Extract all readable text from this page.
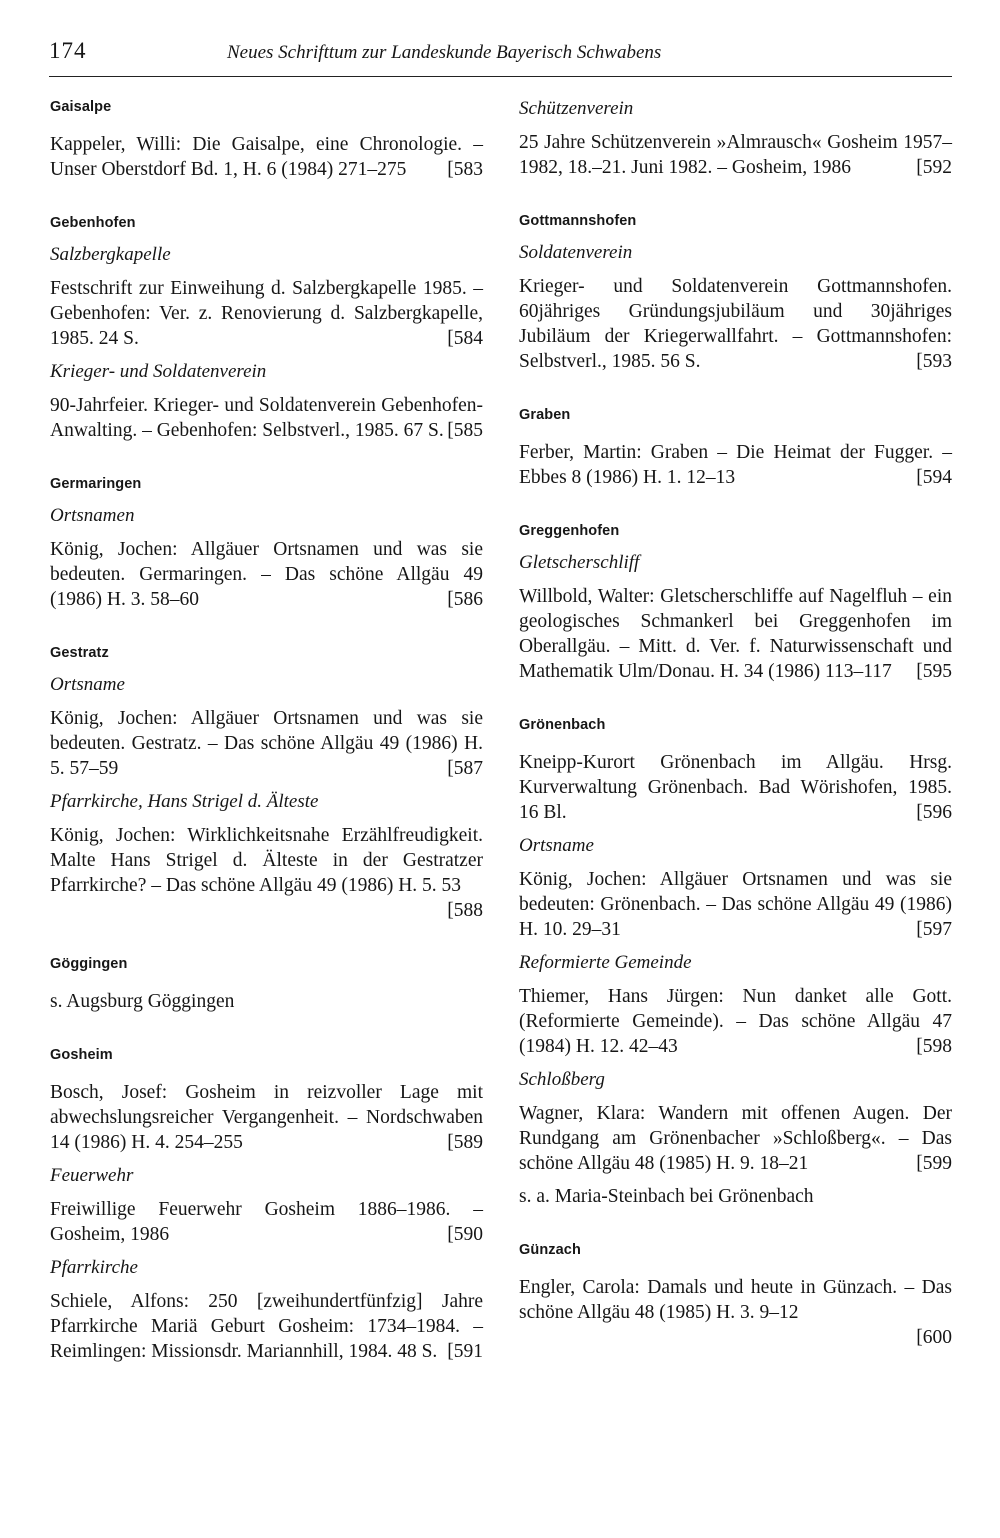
174	Neues Schrifttum zur Landeskunde Bayerisch Schwabens
Gaisalpe
Kappeler, Willi: Die Gaisalpe, eine Chronologie. – Unser Oberstdorf Bd. 1, H. 6 (1984) 271–275 [583
Gebenhofen
Salzbergkapelle
Festschrift zur Einweihung d. Salzbergkapelle 1985. – Gebenhofen: Ver. z. Renovierung d. Salzbergkapelle, 1985. 24 S.	[584
Krieger- und Soldatenverein
90-Jahrfeier. Krieger- und Soldatenverein Gebenhofen-Anwalting. – Gebenhofen: Selbstverl., 1985. 67 S. [585
Germaringen
Ortsnamen
König, Jochen: Allgäuer Ortsnamen und was sie bedeuten. Germaringen. – Das schöne Allgäu 49 (1986) H. 3. 58–60	[586
Gestratz
Ortsname
König, Jochen: Allgäuer Ortsnamen und was sie bedeuten. Gestratz. – Das schöne Allgäu 49 (1986) H. 5. 57–59	[587
Pfarrkirche, Hans Strigel d. Älteste
König, Jochen: Wirklichkeitsnahe Erzählfreudigkeit. Malte Hans Strigel d. Älteste in der Gestratzer Pfarrkirche? – Das schöne Allgäu 49 (1986) H. 5. 53
[588
Göggingen
s. Augsburg Göggingen
Gosheim
Bosch, Josef: Gosheim in reizvoller Lage mit abwechslungsreicher Vergangenheit. – Nordschwaben 14 (1986) H. 4. 254–255	[589
Feuerwehr
Freiwillige Feuerwehr Gosheim 1886–1986. – Gosheim, 1986	[590
Pfarrkirche
Schiele, Alfons: 250 [zweihundertfünfzig] Jahre Pfarrkirche Mariä Geburt Gosheim: 1734–1984. – Reimlingen: Missionsdr. Mariannhill, 1984. 48 S. [591
Schützenverein
25 Jahre Schützenverein »Almrausch« Gosheim 1957–1982, 18.–21. Juni 1982. – Gosheim, 1986	[592
Gottmannshofen
Soldatenverein
Krieger- und Soldatenverein Gottmannshofen. 60jähriges Gründungsjubiläum und 30jähriges Jubiläum der Kriegerwallfahrt. – Gottmannshofen: Selbstverl., 1985. 56 S.	[593
Graben
Ferber, Martin: Graben – Die Heimat der Fugger. – Ebbes 8 (1986) H. 1. 12–13	[594
Greggenhofen
Gletscherschliff
Willbold, Walter: Gletscherschliffe auf Nagelfluh – ein geologisches Schmankerl bei Greggenhofen im Oberallgäu. – Mitt. d. Ver. f. Naturwissenschaft und Mathematik Ulm/Donau. H. 34 (1986) 113–117 [595
Grönenbach
Kneipp-Kurort Grönenbach im Allgäu. Hrsg. Kurverwaltung Grönenbach. Bad Wörishofen, 1985. 16 Bl.	[596
Ortsname
König, Jochen: Allgäuer Ortsnamen und was sie bedeuten: Grönenbach. – Das schöne Allgäu 49 (1986) H. 10. 29–31	[597
Reformierte Gemeinde
Thiemer, Hans Jürgen: Nun danket alle Gott. (Reformierte Gemeinde). – Das schöne Allgäu 47 (1984) H. 12. 42–43	[598
Schloßberg
Wagner, Klara: Wandern mit offenen Augen. Der Rundgang am Grönenbacher »Schloßberg«. – Das schöne Allgäu 48 (1985) H. 9. 18–21	[599
s. a. Maria-Steinbach bei Grönenbach
Günzach
Engler, Carola: Damals und heute in Günzach. – Das schöne Allgäu 48 (1985) H. 3. 9–12
[600
